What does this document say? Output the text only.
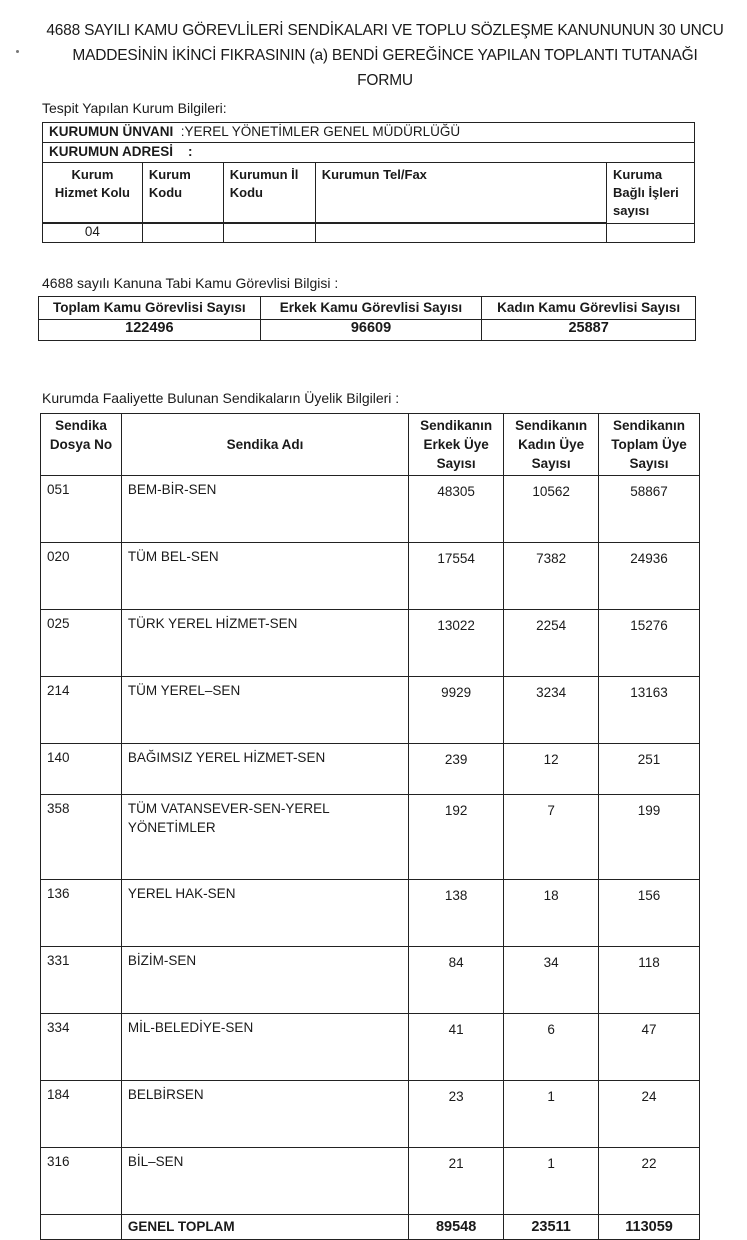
4688 SAYILI KAMU GÖREVLİLERİ SENDİKALARI VE TOPLU SÖZLEŞME KANUNUNUN 30 UNCU
MADDESİNİN İKİNCİ FIKRASININ (a) BENDİ GEREĞİNCE YAPILAN TOPLANTI TUTANAĞI
FORMU
Tespit Yapılan Kurum Bilgileri:
KURUMUN ÜNVANI :YEREL YÖNETİMLER GENEL MÜDÜRLÜĞÜ				
KURUMUN ADRESİ :				
Kurum Hizmet Kolu	Kurum Kodu	Kurumun İl Kodu	Kurumun Tel/Fax	Kuruma Bağlı İşleri sayısı

04				
4688 sayılı Kanuna Tabi Kamu Görevlisi Bilgisi :
Toplam Kamu Görevlisi Sayısı	Erkek Kamu Görevlisi Sayısı	Kadın Kamu Görevlisi Sayısı
122496	96609	25887
Kurumda Faaliyette Bulunan Sendikaların Üyelik Bilgileri :
Sendika Dosya No	Sendika Adı	Sendikanın Erkek Üye Sayısı	Sendikanın Kadın Üye Sayısı	Sendikanın Toplam Üye Sayısı
051	BEM-BİR-SEN	48305	10562	58867
020	TÜM BEL-SEN	17554	7382	24936
025	TÜRK YEREL HİZMET-SEN	13022	2254	15276
214	TÜM YEREL–SEN	9929	3234	13163
140	BAĞIMSIZ YEREL HİZMET-SEN	239	12	251
358	TÜM VATANSEVER-SEN-YEREL YÖNETİMLER	192	7	199
136	YEREL HAK-SEN	138	18	156
331	BİZİM-SEN	84	34	118
334	MİL-BELEDİYE-SEN	41	6	47
184	BELBİRSEN	23	1	24
316	BİL–SEN	21	1	22
	GENEL TOPLAM	89548	23511	113059
